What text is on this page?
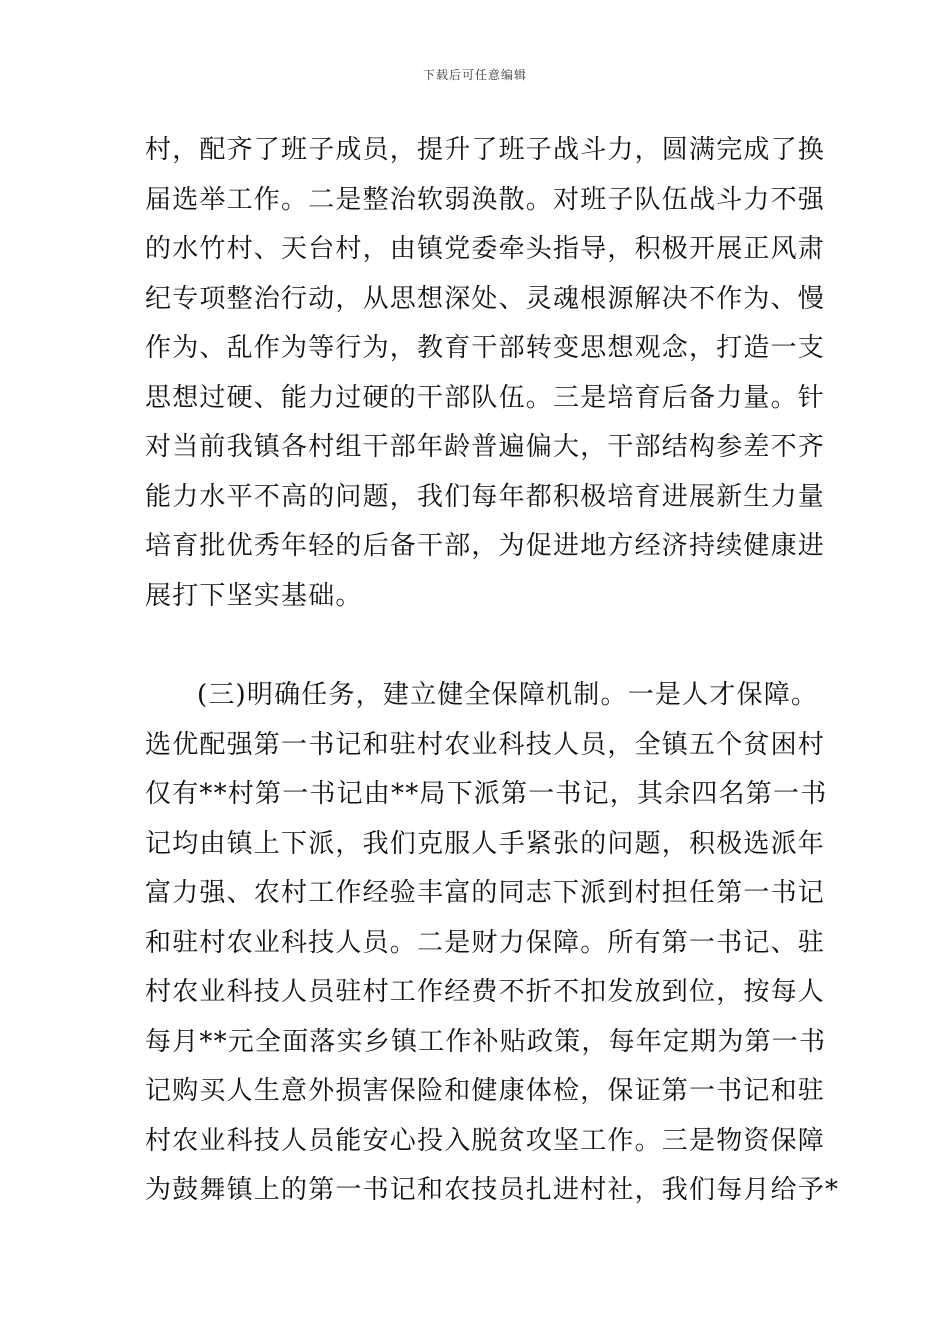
下载后可任意编辑
村，配齐了班子成员，提升了班子战斗力，圆满完成了换
届选举工作。二是整治软弱涣散。对班子队伍战斗力不强
的水竹村、天台村，由镇党委牵头指导，积极开展正风肃
纪专项整治行动，从思想深处、灵魂根源解决不作为、慢
作为、乱作为等行为，教育干部转变思想观念，打造一支
思想过硬、能力过硬的干部队伍。三是培育后备力量。针
对当前我镇各村组干部年龄普遍偏大，干部结构参差不齐
能力水平不高的问题，我们每年都积极培育进展新生力量
培育批优秀年轻的后备干部，为促进地方经济持续健康进
展打下坚实基础。
(三)明确任务，建立健全保障机制。一是人才保障。
选优配强第一书记和驻村农业科技人员，全镇五个贫困村
仅有**村第一书记由**局下派第一书记，其余四名第一书
记均由镇上下派，我们克服人手紧张的问题，积极选派年
富力强、农村工作经验丰富的同志下派到村担任第一书记
和驻村农业科技人员。二是财力保障。所有第一书记、驻
村农业科技人员驻村工作经费不折不扣发放到位，按每人
每月**元全面落实乡镇工作补贴政策，每年定期为第一书
记购买人生意外损害保险和健康体检，保证第一书记和驻
村农业科技人员能安心投入脱贫攻坚工作。三是物资保障
为鼓舞镇上的第一书记和农技员扎进村社，我们每月给予*
